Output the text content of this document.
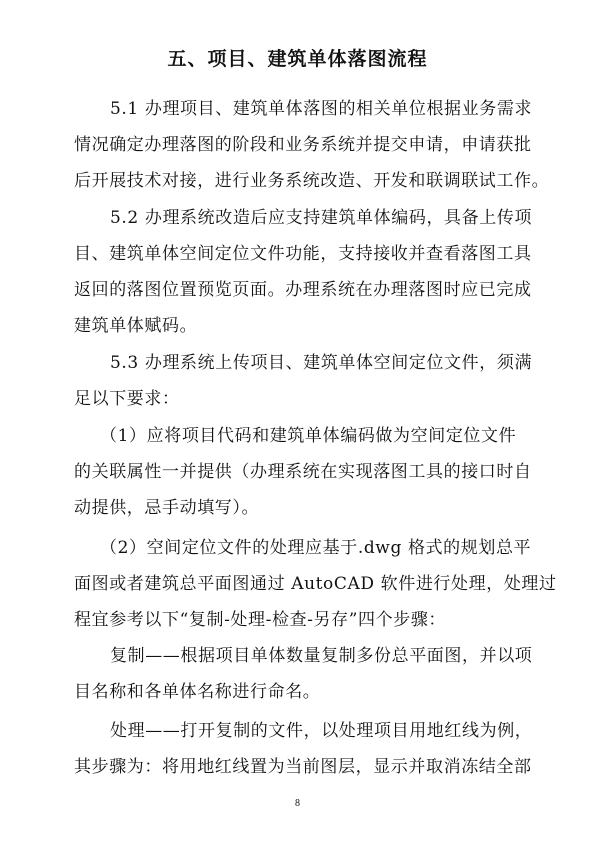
五、项目、建筑单体落图流程
5.1 办理项目、建筑单体落图的相关单位根据业务需求
情况确定办理落图的阶段和业务系统并提交申请，申请获批
后开展技术对接，进行业务系统改造、开发和联调联试工作。
5.2 办理系统改造后应支持建筑单体编码，具备上传项
目、建筑单体空间定位文件功能，支持接收并查看落图工具
返回的落图位置预览页面。办理系统在办理落图时应已完成
建筑单体赋码。
5.3 办理系统上传项目、建筑单体空间定位文件，须满
足以下要求：
（1）应将项目代码和建筑单体编码做为空间定位文件
的关联属性一并提供（办理系统在实现落图工具的接口时自
动提供，忌手动填写）。
（2）空间定位文件的处理应基于.dwg 格式的规划总平
面图或者建筑总平面图通过 AutoCAD 软件进行处理，处理过
程宜参考以下“复制-处理-检查-另存”四个步骤：
复制——根据项目单体数量复制多份总平面图，并以项
目名称和各单体名称进行命名。
处理——打开复制的文件，以处理项目用地红线为例，
其步骤为：将用地红线置为当前图层，显示并取消冻结全部
8
